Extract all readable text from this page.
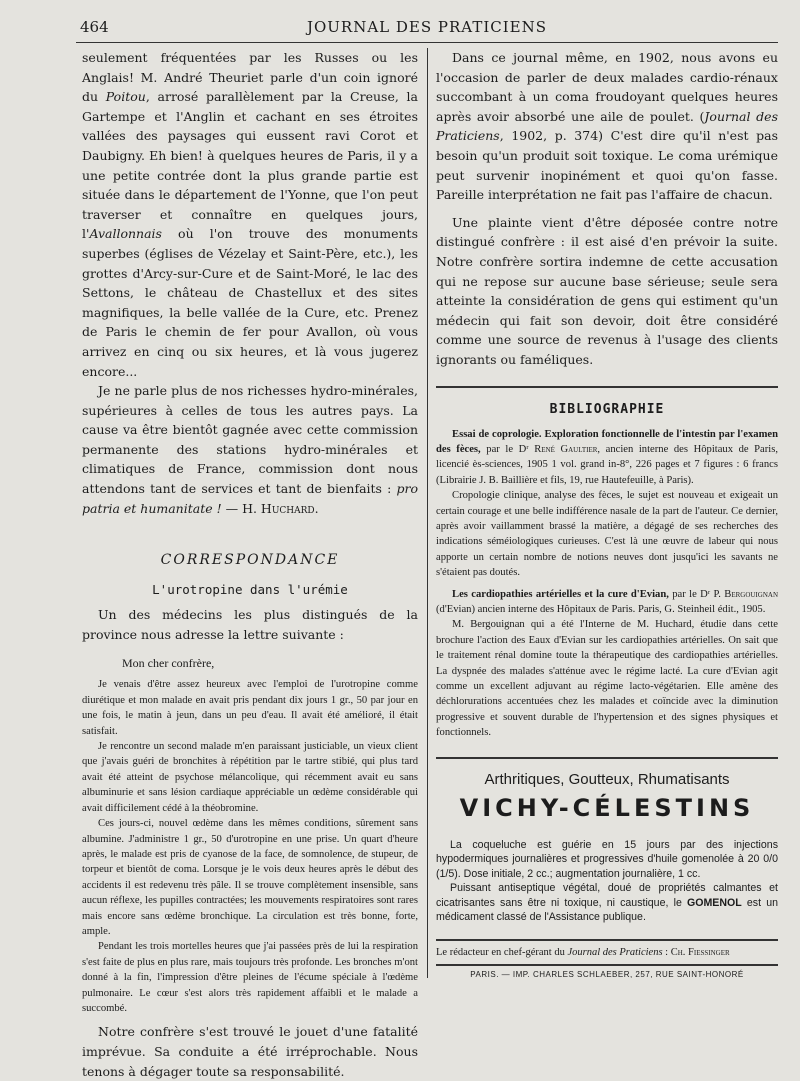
464	JOURNAL DES PRATICIENS

seulement fréquentées par les Russes ou les Anglais! M. André Theuriet parle d'un coin ignoré du Poitou, arrosé parallèlement par la Creuse, la Gartempe et l'Anglin et cachant en ses étroites vallées des paysages qui eussent ravi Corot et Daubigny. Eh bien! à quelques heures de Paris, il y a une petite contrée dont la plus grande partie est située dans le département de l'Yonne, que l'on peut traverser et connaître en quelques jours, l'Avallonnais où l'on trouve des monuments superbes (églises de Vézelay et Saint-Père, etc.), les grottes d'Arcy-sur-Cure et de Saint-Moré, le lac des Settons, le château de Chastellux et des sites magnifiques, la belle vallée de la Cure, etc. Prenez de Paris le chemin de fer pour Avallon, où vous arrivez en cinq ou six heures, et là vous jugerez encore...

Je ne parle plus de nos richesses hydro-minérales, supérieures à celles de tous les autres pays. La cause va être bientôt gagnée avec cette commission permanente des stations hydro-minérales et climatiques de France, commission dont nous attendons tant de services et tant de bienfaits : pro patria et humanitate ! — H. Huchard.

CORRESPONDANCE
L'urotropine dans l'urémie

Un des médecins les plus distingués de la province nous adresse la lettre suivante :

Mon cher confrère,

Je venais d'être assez heureux avec l'emploi de l'urotropine comme diurétique et mon malade en avait pris pendant dix jours 1 gr., 50 par jour en une fois, le matin à jeun, dans un peu d'eau. Il avait été amélioré, il était satisfait.

Je rencontre un second malade m'en paraissant justiciable, un vieux client que j'avais guéri de bronchites à répétition par le tartre stibié, qui plus tard avait été atteint de psychose mélancolique, qui récemment avait eu sans albuminurie et sans lésion cardiaque appréciable un œdème considérable qui avait difficilement cédé à la théobromine.

Ces jours-ci, nouvel œdème dans les mêmes conditions, sûrement sans albumine. J'administre 1 gr., 50 d'urotropine en une prise. Un quart d'heure après, le malade est pris de cyanose de la face, de somnolence, de stupeur, de torpeur et bientôt de coma. Lorsque je le vois deux heures après le début des accidents il est redevenu très pâle. Il se trouve complètement insensible, sans aucun réflexe, les pupilles contractées; les mouvements respiratoires sont rares mais encore sans œdème bronchique. La circulation est très bonne, forte, ample.

Pendant les trois mortelles heures que j'ai passées près de lui la respiration s'est faite de plus en plus rare, mais toujours très profonde. Les bronches m'ont donné à la fin, l'impression d'être pleines de l'écume spéciale à l'œdème pulmonaire. Le cœur s'est alors très rapidement affaibli et le malade a succombé.

Notre confrère s'est trouvé le jouet d'une fatalité imprévue. Sa conduite a été irréprochable. Nous tenons à dégager toute sa responsabilité.

Dans ce journal même, en 1902, nous avons eu l'occasion de parler de deux malades cardio-rénaux succombant à un coma froudoyant quelques heures après avoir absorbé une aile de poulet. (Journal des Praticiens, 1902, p. 374) C'est dire qu'il n'est pas besoin qu'un produit soit toxique. Le coma urémique peut survenir inopinément et quoi qu'on fasse. Pareille interprétation ne fait pas l'affaire de chacun.

Une plainte vient d'être déposée contre notre distingué confrère : il est aisé d'en prévoir la suite. Notre confrère sortira indemne de cette accusation qui ne repose sur aucune base sérieuse; seule sera atteinte la considération de gens qui estiment qu'un médecin qui fait son devoir, doit être considéré comme une source de revenus à l'usage des clients ignorants ou faméliques.

BIBLIOGRAPHIE

Essai de coprologie. Exploration fonctionnelle de l'intestin par l'examen des fèces, par le Dʳ René Gaultier, ancien interne des Hôpitaux de Paris, licencié ès-sciences, 1905 1 vol. grand in-8°, 226 pages et 7 figures : 6 francs (Librairie J. B. Baillière et fils, 19, rue Hautefeuille, à Paris).

Cropologie clinique, analyse des fèces, le sujet est nouveau et exigeait un certain courage et une belle indifférence nasale de la part de l'auteur. Ce dernier, après avoir vaillamment brassé la matière, a dégagé de ses recherches des indications séméiologiques curieuses. C'est là une œuvre de labeur qui nous apporte un certain nombre de notions neuves dont jusqu'ici les savants ne s'étaient pas doutés.

Les cardiopathies artérielles et la cure d'Evian, par le Dʳ P. Bergouignan (d'Evian) ancien interne des Hôpitaux de Paris. Paris, G. Steinheil édit., 1905.

M. Bergouignan qui a été l'Interne de M. Huchard, étudie dans cette brochure l'action des Eaux d'Evian sur les cardiopathies artérielles. On sait que le traitement rénal domine toute la thérapeutique des cardiopathies artérielles. La dyspnée des malades s'atténue avec le régime lacté. La cure d'Evian agit comme un excellent adjuvant au régime lacto-végétarien. Elle amène des déchlorurations accentuées chez les malades et coïncide avec la diminution progressive et souvent durable de l'hypertension et des signes physiques et fonctionnels.

Arthritiques, Goutteux, Rhumatisants
VICHY-CÉLESTINS

La coqueluche est guérie en 15 jours par des injections hypodermiques journalières et progressives d'huile gomenolée à 20 0/0 (1/5). Dose initiale, 2 cc.; augmentation journalière, 1 cc.

Puissant antiseptique végétal, doué de propriétés calmantes et cicatrisantes sans être ni toxique, ni caustique, le GOMENOL est un médicament classé de l'Assistance publique.

Le rédacteur en chef-gérant du Journal des Praticiens : Ch. Fiessinger
PARIS. — IMP. CHARLES SCHLAEBER, 257, RUE SAINT-HONORÉ
